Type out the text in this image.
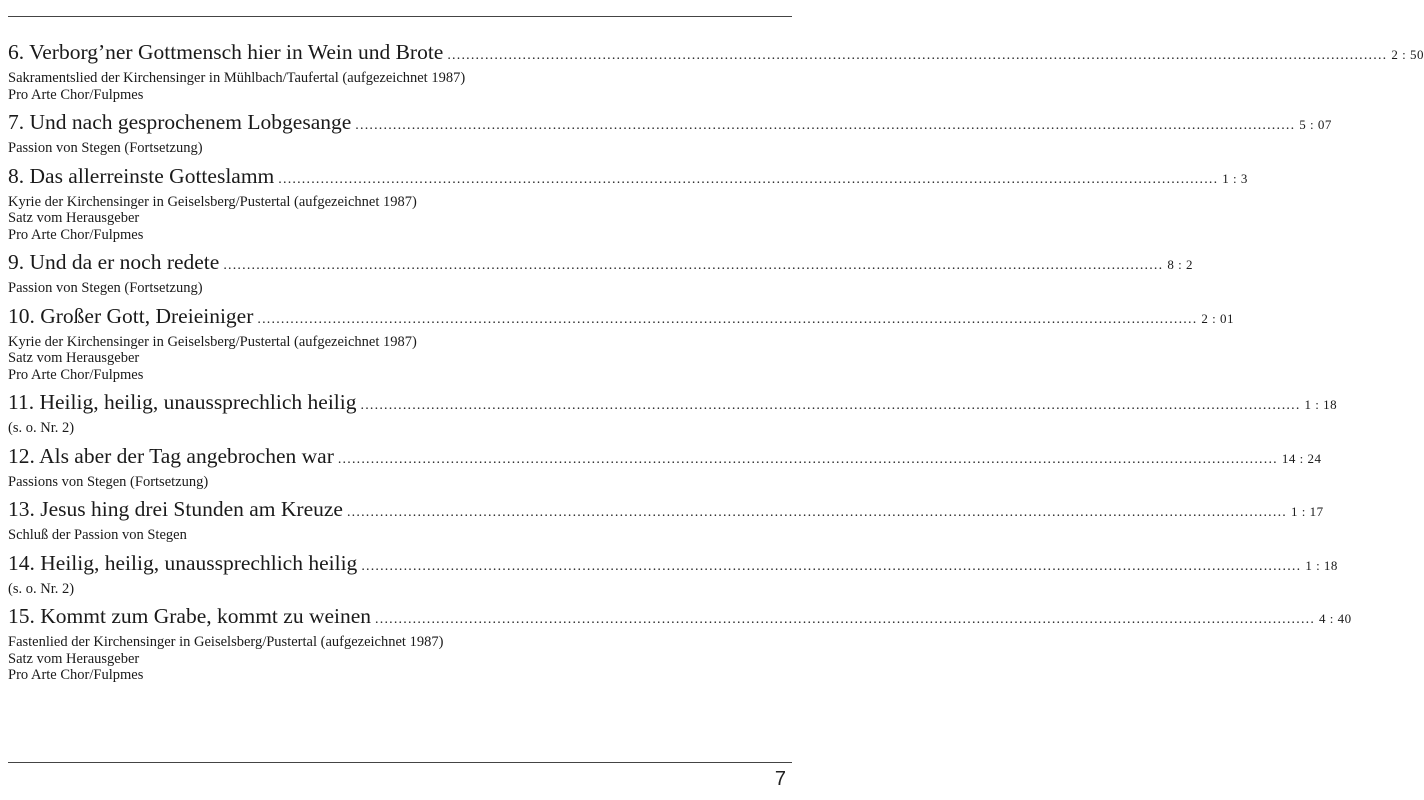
6. Verborg’ner Gottmensch hier in Wein und Brote ........................................................................................................................................................................................................ 2 : 50
Sakramentslied der Kirchensinger in Mühlbach/Taufertal (aufgezeichnet 1987)
Pro Arte Chor/Fulpmes
7. Und nach gesprochenem Lobgesange ........................................................................................................................................................................................................ 5 : 07
Passion von Stegen (Fortsetzung)
8. Das allerreinste Gotteslamm ........................................................................................................................................................................................................ 1 : 3
Kyrie der Kirchensinger in Geiselsberg/Pustertal (aufgezeichnet 1987)
Satz vom Herausgeber
Pro Arte Chor/Fulpmes
9. Und da er noch redete ........................................................................................................................................................................................................ 8 : 2
Passion von Stegen (Fortsetzung)
10. Großer Gott, Dreieiniger ........................................................................................................................................................................................................ 2 : 01
Kyrie der Kirchensinger in Geiselsberg/Pustertal (aufgezeichnet 1987)
Satz vom Herausgeber
Pro Arte Chor/Fulpmes
11. Heilig, heilig, unaussprechlich heilig ........................................................................................................................................................................................................ 1 : 18
(s. o. Nr. 2)
12. Als aber der Tag angebrochen war ........................................................................................................................................................................................................ 14 : 24
Passions von Stegen (Fortsetzung)
13. Jesus hing drei Stunden am Kreuze ........................................................................................................................................................................................................ 1 : 17
Schluß der Passion von Stegen
14. Heilig, heilig, unaussprechlich heilig ........................................................................................................................................................................................................ 1 : 18
(s. o. Nr. 2)
15. Kommt zum Grabe, kommt zu weinen ........................................................................................................................................................................................................ 4 : 40
Fastenlied der Kirchensinger in Geiselsberg/Pustertal (aufgezeichnet 1987)
Satz vom Herausgeber
Pro Arte Chor/Fulpmes
7
